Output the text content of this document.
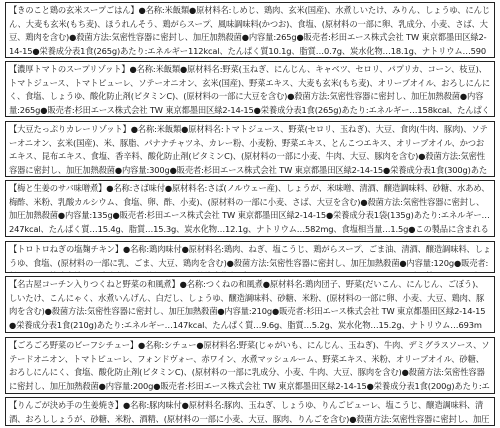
【きのこと鶏の玄米スープごはん】●名称:米飯類●原材料名:しめじ、鶏肉、玄米(国産)、水煮しいたけ、みりん、しょうゆ、にんじん、大麦も玄米(もち麦)、ほうれんそう、鶏がらスープ、風味調味料(かつお)、食塩、(原材料の一部に卵、乳成分、小麦、さば、大豆、鶏肉を含む)●殺菌方法:気密性容器に密封し、加圧加熱殺菌●内容量:265g●販売者:杉田エース株式会社 TW 東京都墨田区緑2-14-15●栄養成分表1食(265g)あたり:エネルギー112kcal、たんぱく質10.1g、脂質…0.7g、炭水化物…18.1g、ナトリウム…590

【濃厚トマトのスープリゾット】●名称:米飯類●原材料名:野菜(玉ねぎ、にんじん、キャベツ、セロリ、パプリカ、コーン、枝豆)、トマトジュース、トマトピューレ、ソテーオニオン、玄米(国産)、野菜エキス、大麦も玄米(もち麦)、オリーブオイル、おろしにんにく、食塩、しょうゆ、酸化防止剤(ビタミンC)、(原材料の一部に大豆を含む)●殺菌方法:気密性容器に密封し、加圧加熱殺菌●内容量:265g●販売者:杉田エース株式会社 TW 東京都墨田区緑2-14-15●栄養成分表1食(265g)あたり:エネルギー…158kcal、たんぱく

【大豆たっぷりカレーリゾット】●名称:米飯類●原材料名:トマトジュース、野菜(セロリ、玉ねぎ)、大豆、食肉(牛肉、豚肉)、ソテーオニオン、玄米(国産)、米、豚脂、パナナチャツネ、カレー粉、小麦粉、野菜エキス、とんこつエキス、オリーブオイル、かつおエキス、昆布エキス、食塩、香辛料、酸化防止剤(ビタミンC)、(原材料の一部に小麦、牛肉、大豆、豚肉を含む)●殺菌方法:気密性容器に密封し、加圧加熱殺菌●内容量:300g●販売者:杉田エース株式会社 TW 東京都墨田区緑2-14-15●栄養成分表1食(300g)あた

【梅と生姜のサバ味噌煮】●名称:さば味付●原材料名:さば(ノルウェー産)、しょうが、米味噌、清酒、醸造調味料、砂糖、水あめ、梅酢、米粉、乳酸カルシウム、食塩、卵、酢、小麦)、(原材料の一部に小麦、さば、大豆を含む)●殺菌方法:気密性容器に密封し、加圧加熱殺菌●内容量:135g●販売者:杉田エース株式会社 TW 東京都墨田区緑2-14-15●栄養成分表1袋(135g)あたり:エネルギー…247kcal、たんぱく質…15.4g、脂質…15.3g、炭水化物…12.1g、ナトリウム…582mg、食塩相当量…1.5g●この製品に含まれる

【トロトロねぎの塩麹チキン】●名称:鶏肉味付●原材料名:鶏肉、ねぎ、塩こうじ、鶏がらスープ、ごま油、清酒、醸造調味料、しょうゆ、食塩、(原材料の一部に乳、ごま、大豆、鶏肉を含む)●殺菌方法:気密性容器に密封し、加圧加熱殺菌●内容量:120g●販売者:

【名古屋コーチン入りつくねと野菜の和風煮】●名称:つくねの和風煮●原材料名:鶏肉団子、野菜(だいこん、にんじん、ごぼう)、しいたけ、こんにゃく、水煮いんげん、白だし、しょうゆ、醸造調味料、砂糖、米粉、(原材料の一部に卵、小麦、大豆、鶏肉、豚肉を含む)●殺菌方法:気密性容器に密封し、加圧加熱殺菌●内容量:210g●販売者:杉田エース株式会社 TW 東京都墨田区緑2-14-15●栄養成分表1食(210g)あたり:エネルギー…147kcal、たんぱく質…9.6g、脂質…5.2g、炭水化物…15.2g、ナトリウム…693m

【ごろごろ野菜のビーフシチュー】●名称:シチュー●原材料名:野菜(じゃがいも、にんじん、玉ねぎ)、牛肉、デミグラスソース、ソテードオニオン、トマトピューレ、フォンドヴォー、赤ワイン、水煮マッシュルーム、野菜エキス、米粉、オリーブオイル、砂糖、おろしにんにく、食塩、酸化防止剤(ビタミンC)、(原材料の一部に乳成分、小麦、牛肉、大豆、豚肉を含む)●殺菌方法:気密性容器に密封し、加圧加熱殺菌●内容量:200g●販売者:杉田エース株式会社 TW 東京都墨田区緑2-14-15●栄養成分表1食(200g)あたり:エ

【りんごが決め手の生姜焼き】●名称:豚肉味付●原材料名:豚肉、玉ねぎ、しょうゆ、りんごピューレ、塩こうじ、醸造調味料、清酒、おろししょうが、砂糖、米粉、酒精、(原材料の一部に小麦、大豆、豚肉、りんごを含む)●殺菌方法:気密性容器に密封し、加圧
